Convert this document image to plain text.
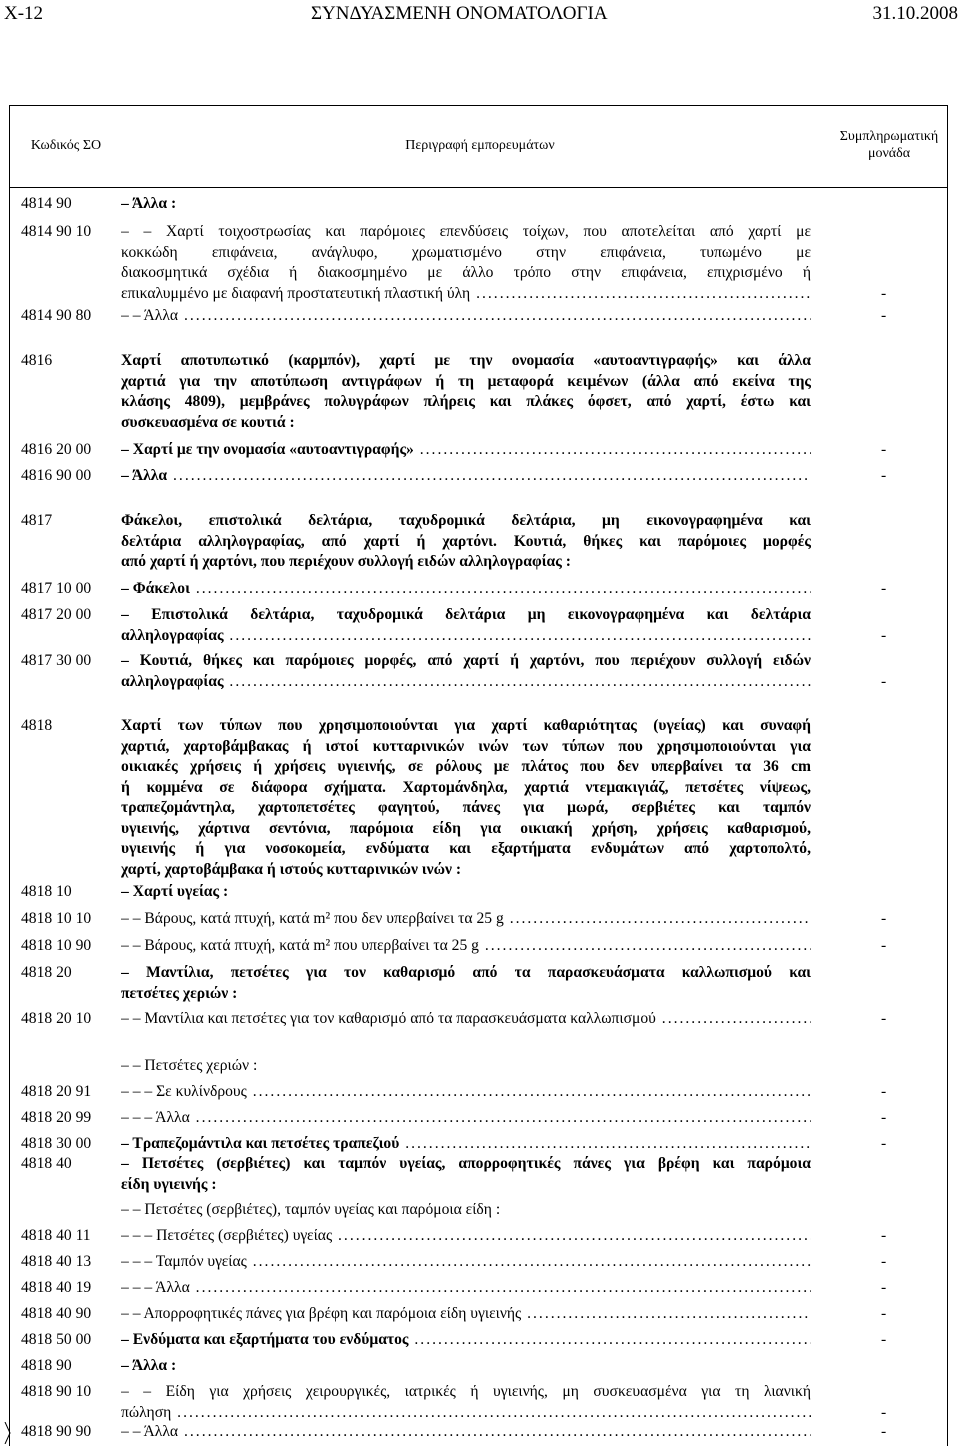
X-12	ΣΥΝΔΥΑΣΜΕΝΗ ΟΝΟΜΑΤΟΛΟΓΙΑ	31.10.2008
Κωδικός ΣΟ	Περιγραφή εμπορευμάτων
Συμπληρωματική μονάδα
4814 90	– Άλλα :
4814 90 10 – – Χαρτί τοιχοστρωσίας και παρόμοιες επενδύσεις τοίχων, που αποτελείται από χαρτί με
κοκκώδη επιφάνεια, ανάγλυφο, χρωματισμένο στην επιφάνεια, τυπωμένο με
διακοσμητικά σχέδια ή διακοσμημένο με άλλο τρόπο στην επιφάνεια, επιχρισμένο ή
επικαλυμμένο με διαφανή προστατευτική πλαστική ύλη .....	-
4814 90 80 – – Άλλα .....	-
4816	Χαρτί αποτυπωτικό (καρμπόν), χαρτί με την ονομασία «αυτοαντιγραφής» και άλλα
χαρτιά για την αποτύπωση αντιγράφων ή τη μεταφορά κειμένων (άλλα από εκείνα της
κλάσης 4809), μεμβράνες πολυγράφων πλήρεις και πλάκες όφσετ, από χαρτί, έστω και
συσκευασμένα σε κουτιά :
4816 20 00 – Χαρτί με την ονομασία «αυτοαντιγραφής» .....	-
4816 90 00 – Άλλα .....	-
4817	Φάκελοι, επιστολικά δελτάρια, ταχυδρομικά δελτάρια, μη εικονογραφημένα και
δελτάρια αλληλογραφίας, από χαρτί ή χαρτόνι. Κουτιά, θήκες και παρόμοιες μορφές
από χαρτί ή χαρτόνι, που περιέχουν συλλογή ειδών αλληλογραφίας :
4817 10 00 – Φάκελοι .....	-
4817 20 00 – Επιστολικά δελτάρια, ταχυδρομικά δελτάρια μη εικονογραφημένα και δελτάρια
αλληλογραφίας .....	-
4817 30 00 – Κουτιά, θήκες και παρόμοιες μορφές, από χαρτί ή χαρτόνι, που περιέχουν συλλογή ειδών
αλληλογραφίας .....	-
4818	Χαρτί των τύπων που χρησιμοποιούνται για χαρτί καθαριότητας (υγείας) και συναφή
χαρτιά, χαρτοβάμβακας ή ιστοί κυτταρινικών ινών των τύπων που χρησιμοποιούνται για
οικιακές χρήσεις ή χρήσεις υγιεινής, σε ρόλους με πλάτος που δεν υπερβαίνει τα 36 cm
ή κομμένα σε διάφορα σχήματα. Χαρτομάνδηλα, χαρτιά ντεμακιγιάζ, πετσέτες νίψεως,
τραπεζομάντηλα, χαρτοπετσέτες φαγητού, πάνες για μωρά, σερβιέτες και ταμπόν
υγιεινής, χάρτινα σεντόνια, παρόμοια είδη για οικιακή χρήση, χρήσεις καθαρισμού,
υγιεινής ή για νοσοκομεία, ενδύματα και εξαρτήματα ενδυμάτων από χαρτοπολτό,
χαρτί, χαρτοβάμβακα ή ιστούς κυτταρινικών ινών :
4818 10	– Χαρτί υγείας :
4818 10 10 – – Βάρους, κατά πτυχή, κατά m² που δεν υπερβαίνει τα 25 g .....	-
4818 10 90 – – Βάρους, κατά πτυχή, κατά m² που υπερβαίνει τα 25 g .....	-
4818 20	– Μαντίλια, πετσέτες για τον καθαρισμό από τα παρασκευάσματα καλλωπισμού και
πετσέτες χεριών :
4818 20 10 – – Μαντίλια και πετσέτες για τον καθαρισμό από τα παρασκευάσματα καλλωπισμού .....	-
– – Πετσέτες χεριών :
4818 20 91 – – – Σε κυλίνδρους .....	-
4818 20 99 – – – Άλλα .....	-
4818 30 00 – Τραπεζομάντιλα και πετσέτες τραπεζιού .....	-
4818 40	– Πετσέτες (σερβιέτες) και ταμπόν υγείας, απορροφητικές πάνες για βρέφη και παρόμοια
είδη υγιεινής :
– – Πετσέτες (σερβιέτες), ταμπόν υγείας και παρόμοια είδη :
4818 40 11 – – – Πετσέτες (σερβιέτες) υγείας .....	-
4818 40 13 – – – Ταμπόν υγείας .....	-
4818 40 19 – – – Άλλα .....	-
4818 40 90 – – Απορροφητικές πάνες για βρέφη και παρόμοια είδη υγιεινής .....	-
4818 50 00 – Ενδύματα και εξαρτήματα του ενδύματος .....	-
4818 90	– Άλλα :
4818 90 10 – – Είδη για χρήσεις χειρουργικές, ιατρικές ή υγιεινής, μη συσκευασμένα για τη λιανική
πώληση .....	-
4818 90 90 – – Άλλα .....	-
